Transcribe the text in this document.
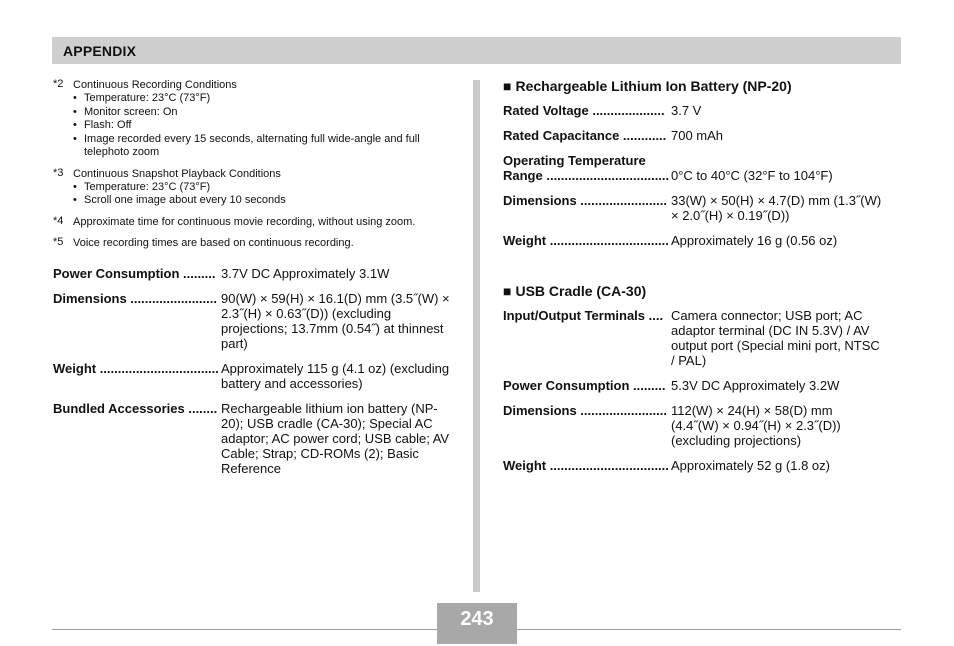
APPENDIX
*2 Continuous Recording Conditions
• Temperature: 23°C (73°F)
• Monitor screen: On
• Flash: Off
• Image recorded every 15 seconds, alternating full wide-angle and full telephoto zoom
*3 Continuous Snapshot Playback Conditions
• Temperature: 23°C (73°F)
• Scroll one image about every 10 seconds
*4 Approximate time for continuous movie recording, without using zoom.
*5 Voice recording times are based on continuous recording.
Power Consumption ......... 3.7V DC Approximately 3.1W
Dimensions ........................ 90(W) × 59(H) × 16.1(D) mm (3.5˝(W) × 2.3˝(H) × 0.63˝(D)) (excluding projections; 13.7mm (0.54˝) at thinnest part)
Weight ................................. Approximately 115 g (4.1 oz) (excluding battery and accessories)
Bundled Accessories ........ Rechargeable lithium ion battery (NP-20); USB cradle (CA-30); Special AC adaptor; AC power cord; USB cable; AV Cable; Strap; CD-ROMs (2); Basic Reference
■ Rechargeable Lithium Ion Battery (NP-20)
Rated Voltage .................... 3.7 V
Rated Capacitance ............ 700 mAh
Operating Temperature
Range .................................. 0°C to 40°C (32°F to 104°F)
Dimensions ........................ 33(W) × 50(H) × 4.7(D) mm (1.3˝(W) × 2.0˝(H) × 0.19˝(D))
Weight ................................. Approximately 16 g (0.56 oz)
■ USB Cradle (CA-30)
Input/Output Terminals .... Camera connector; USB port; AC adaptor terminal (DC IN 5.3V) / AV output port (Special mini port, NTSC / PAL)
Power Consumption ......... 5.3V DC Approximately 3.2W
Dimensions ........................ 112(W) × 24(H) × 58(D) mm (4.4˝(W) × 0.94˝(H) × 2.3˝(D)) (excluding projections)
Weight ................................. Approximately 52 g (1.8 oz)
243
